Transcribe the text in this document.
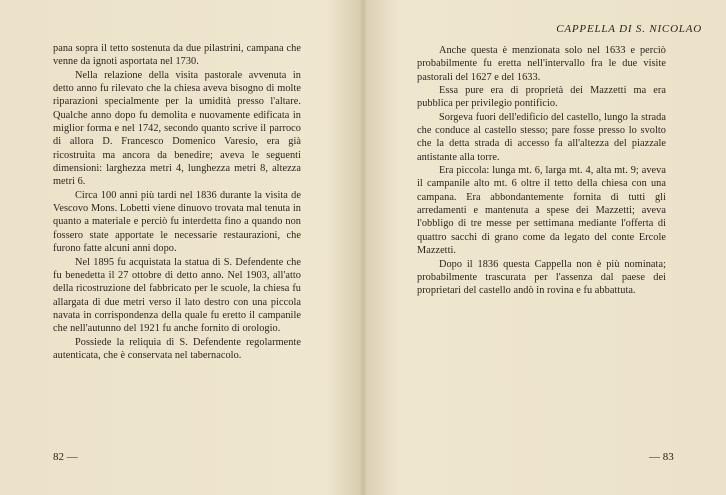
pana sopra il tetto sostenuta da due pilastrini, campana che venne da ignoti asportata nel 1730.

Nella relazione della visita pastorale avvenuta in detto anno fu rilevato che la chiesa aveva bisogno di molte riparazioni specialmente per la umidità presso l'altare. Qualche anno dopo fu demolita e nuovamente edificata in miglior forma e nel 1742, secondo quanto scrive il parroco di allora D. Francesco Domenico Varesio, era già ricostruita ma ancora da benedire; aveva le seguenti dimensioni: larghezza metri 4, lunghezza metri 8, altezza metri 6.

Circa 100 anni più tardi nel 1836 durante la visita de Vescovo Mons. Lobetti viene dinuovo trovata mal tenuta in quanto a materiale e perciò fu interdetta fino a quando non fossero state apportate le necessarie restaurazioni, che furono fatte alcuni anni dopo.

Nel 1895 fu acquistata la statua di S. Defendente che fu benedetta il 27 ottobre di detto anno. Nel 1903, all'atto della ricostruzione del fabbricato per le scuole, la chiesa fu allargata di due metri verso il lato destro con una piccola navata in corrispondenza della quale fu eretto il campanile che nell'autunno del 1921 fu anche fornito di orologio.

Possiede la reliquia di S. Defendente regolarmente autenticata, che è conservata nel tabernacolo.

82 —
CAPPELLA DI S. NICOLAO

Anche questa è menzionata solo nel 1633 e perciò probabilmente fu eretta nell'intervallo fra le due visite pastorali del 1627 e del 1633.

Essa pure era di proprietà dei Mazzetti ma era pubblica per privilegio pontificio.

Sorgeva fuori dell'edificio del castello, lungo la strada che conduce al castello stesso; pare fosse presso lo svolto che la detta strada di accesso fa all'altezza del piazzale antistante alla torre.

Era piccola: lunga mt. 6, larga mt. 4, alta mt. 9; aveva il campanile alto mt. 6 oltre il tetto della chiesa con una campana. Era abbondantemente fornita di tutti gli arredamenti e mantenuta a spese dei Mazzetti; aveva l'obbligo di tre messe per settimana mediante l'offerta di quattro sacchi di grano come da legato del conte Ercole Mazzetti.

Dopo il 1836 questa Cappella non è più nominata; probabilmente trascurata per l'assenza dal paese dei proprietari del castello andò in rovina e fu abbattuta.

— 83
